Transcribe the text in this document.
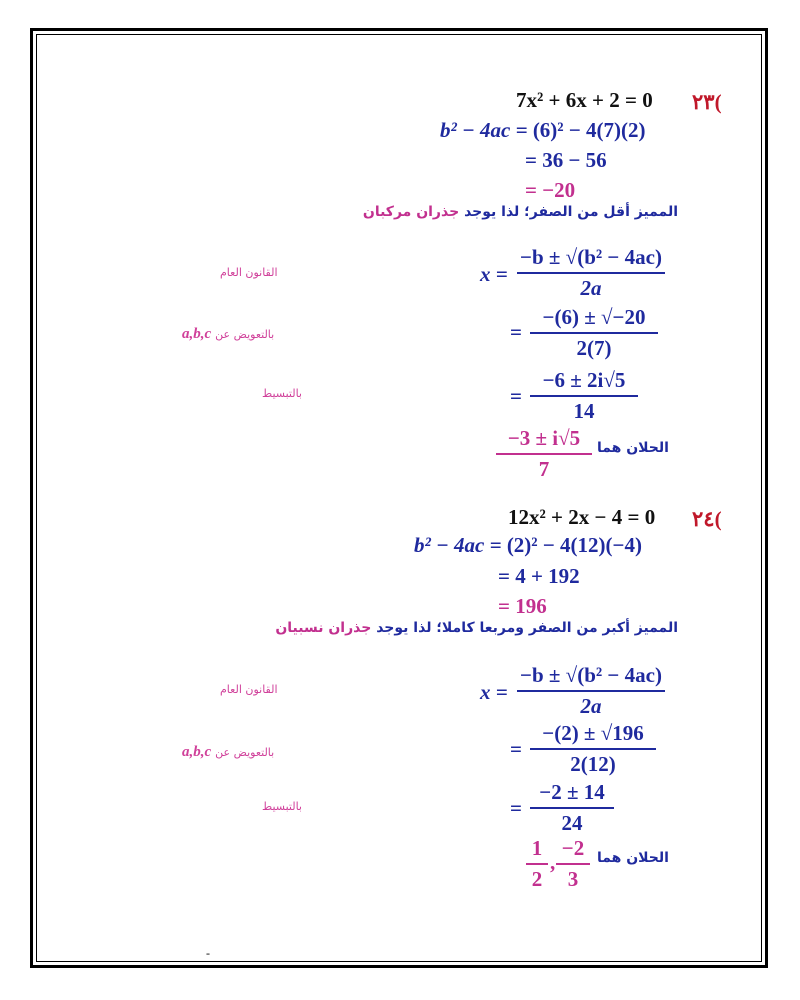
٢٣(
7x² + 6x + 2 = 0
b² − 4ac = (6)² − 4(7)(2)
= 36 − 56
= −20
المميز أقل من الصفر؛ لذا يوجد جذران مركبان
القانون العام
a,b,c بالتعويض عن
بالتبسيط
$x = \frac{\text{−b ± √(b² − 4ac)}}{2a}$
= $\frac{-(6) \pm √-20}{2(7)}$
= $\frac{-6 \pm 2i√5}{14}$
الحلان هما
$\frac{-3 \pm i√5}{7}$
٢٤(
12x² + 2x − 4 = 0
b² − 4ac = (2)² − 4(12)(−4)
= 4 + 192
= 196
المميز أكبر من الصفر ومربعا كاملا؛ لذا يوجد جذران نسبيان
القانون العام
a,b,c بالتعويض عن
بالتبسيط
$x = \frac{\text{−b ± √(b² − 4ac)}}{2a}$
= $\frac{-(2) \pm √196}{2(12)}$
= $\frac{-2 \pm 14}{24}$
الحلان هما
$\frac{1}{2}$ , $\frac{-2}{3}$
-
